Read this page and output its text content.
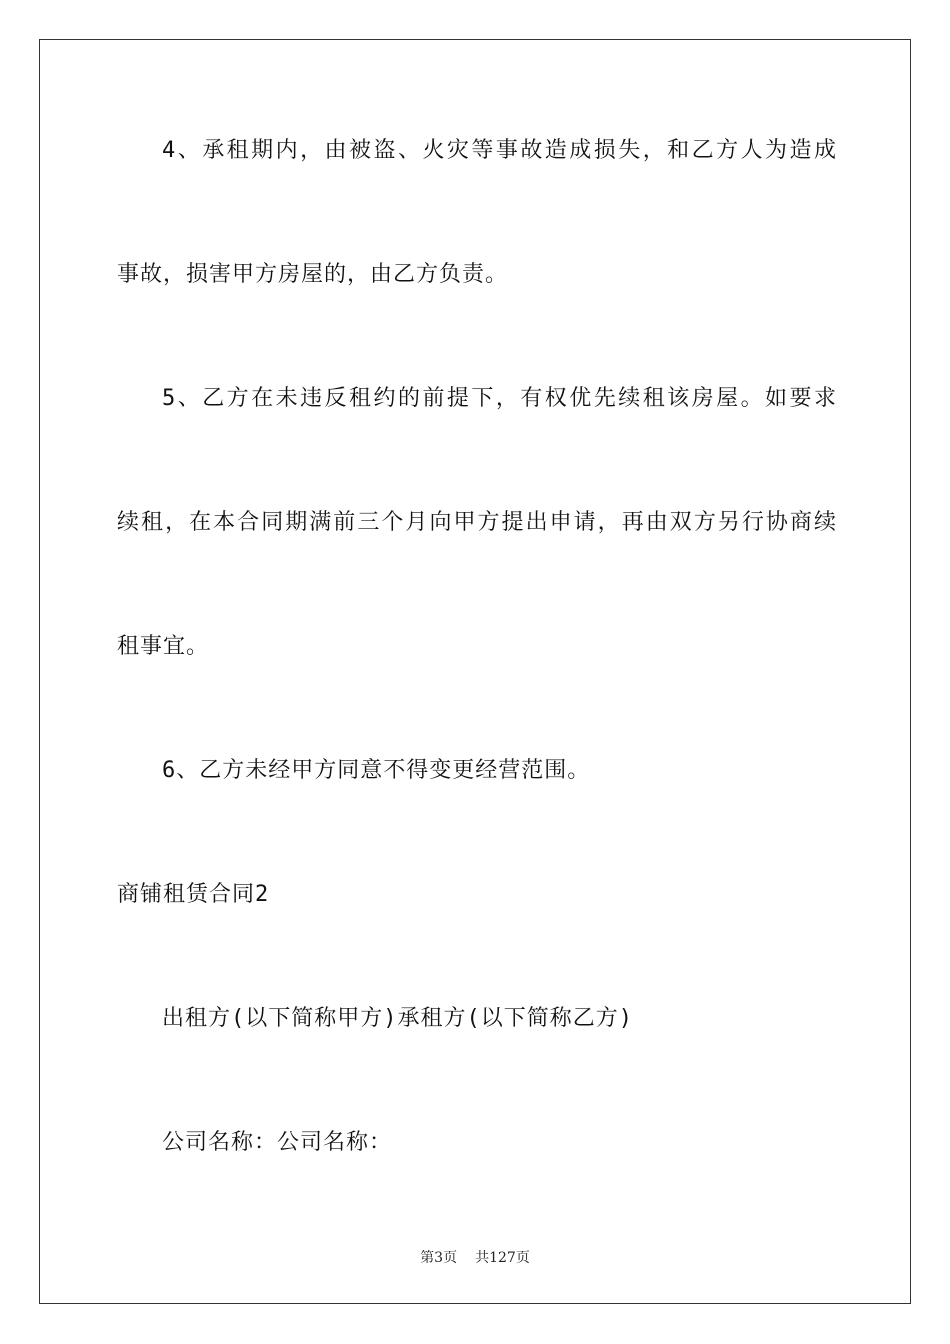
4、承租期内，由被盗、火灾等事故造成损失，和乙方人为造成
事故，损害甲方房屋的，由乙方负责。
5、乙方在未违反租约的前提下，有权优先续租该房屋。如要求
续租，在本合同期满前三个月向甲方提出申请，再由双方另行协商续
租事宜。
6、乙方未经甲方同意不得变更经营范围。
商铺租赁合同2
出租方(以下简称甲方)承租方(以下简称乙方)
公司名称：公司名称：
第3页 共127页
